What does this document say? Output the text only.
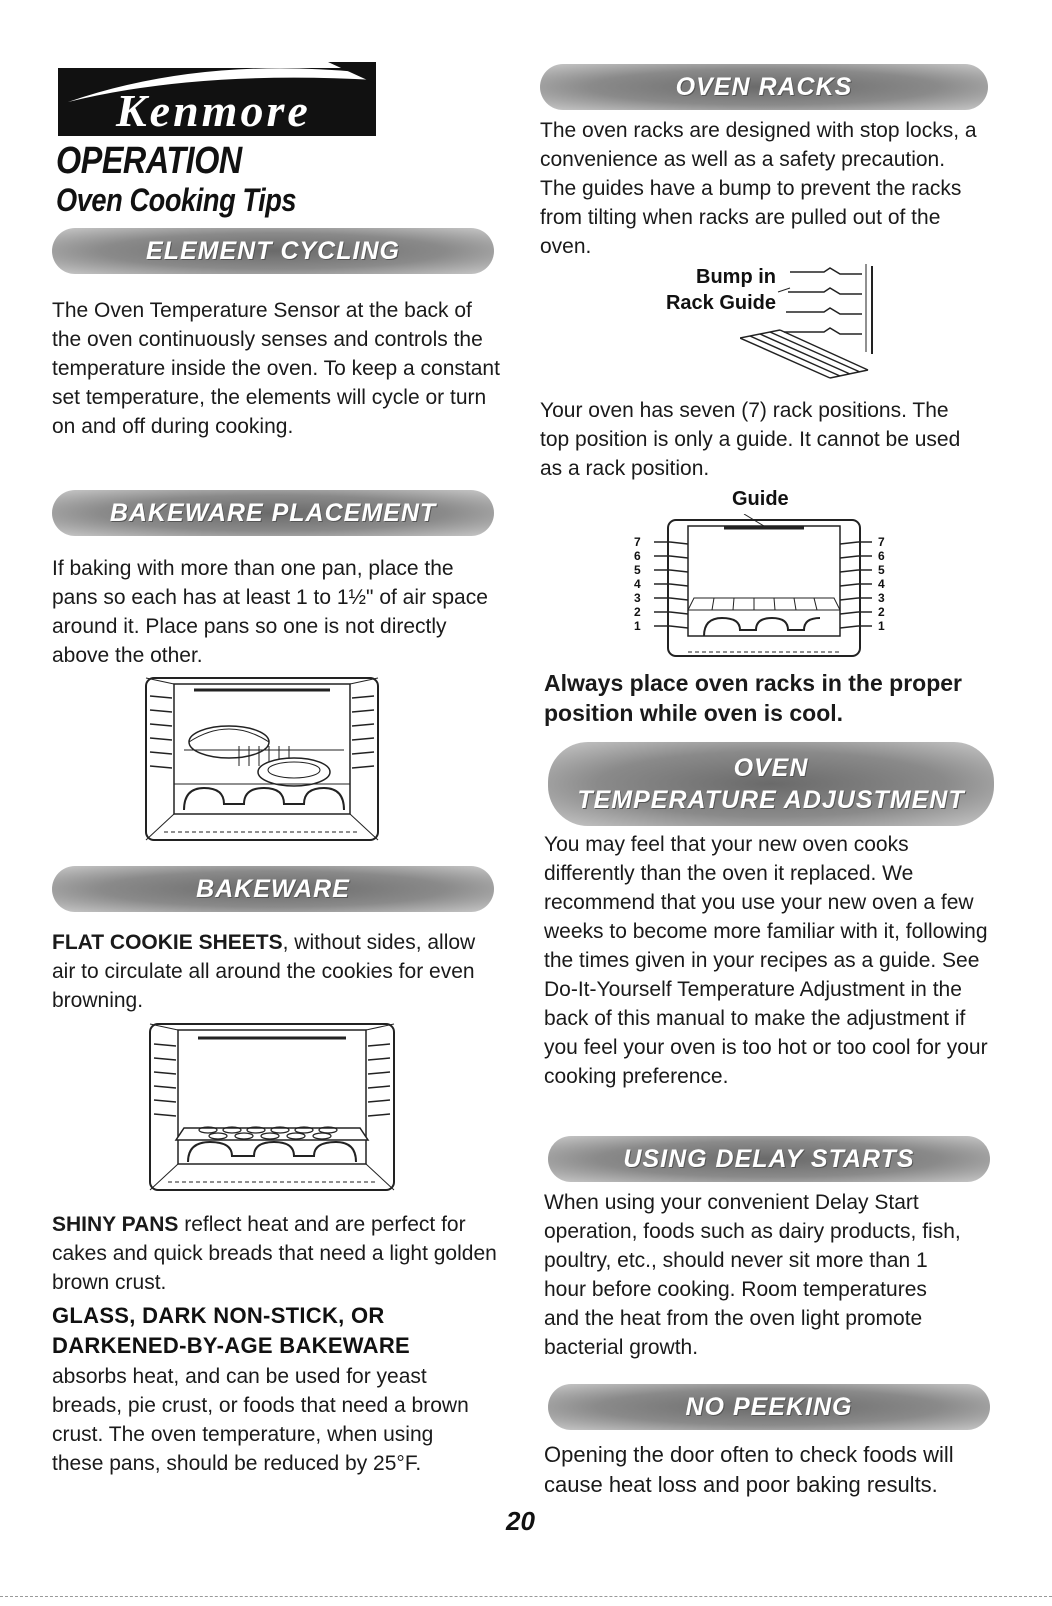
Kenmore
OPERATION
Oven Cooking Tips
ELEMENT CYCLING

The Oven Temperature Sensor at the back of the oven continuously senses and controls the temperature inside the oven. To keep a constant set temperature, the elements will cycle or turn on and off during cooking.

BAKEWARE PLACEMENT

If baking with more than one pan, place the pans so each has at least 1 to 1½" of air space around it. Place pans so one is not directly above the other.

BAKEWARE

FLAT COOKIE SHEETS, without sides, allow air to circulate all around the cookies for even browning.

SHINY PANS reflect heat and are perfect for cakes and quick breads that need a light golden brown crust.

GLASS, DARK NON-STICK, OR
DARKENED-BY-AGE BAKEWARE

absorbs heat, and can be used for yeast breads, pie crust, or foods that need a brown crust. The oven temperature, when using these pans, should be reduced by 25°F.

OVEN RACKS

The oven racks are designed with stop locks, a convenience as well as a safety precaution. The guides have a bump to prevent the racks from tilting when racks are pulled out of the oven.

Bump in
Rack Guide

Your oven has seven (7) rack positions. The top position is only a guide. It cannot be used as a rack position.

Guide
7
6
5
4
3
2
1
7
6
5
4
3
2
1

Always place oven racks in the proper position while oven is cool.

OVEN
TEMPERATURE ADJUSTMENT

You may feel that your new oven cooks differently than the oven it replaced. We recommend that you use your new oven a few weeks to become more familiar with it, following the times given in your recipes as a guide. See Do-It-Yourself Temperature Adjustment in the back of this manual to make the adjustment if you feel your oven is too hot or too cool for your cooking preference.

USING DELAY STARTS

When using your convenient Delay Start operation, foods such as dairy products, fish, poultry, etc., should never sit more than 1 hour before cooking. Room temperatures and the heat from the oven light promote bacterial growth.

NO PEEKING

Opening the door often to check foods will cause heat loss and poor baking results.

20
